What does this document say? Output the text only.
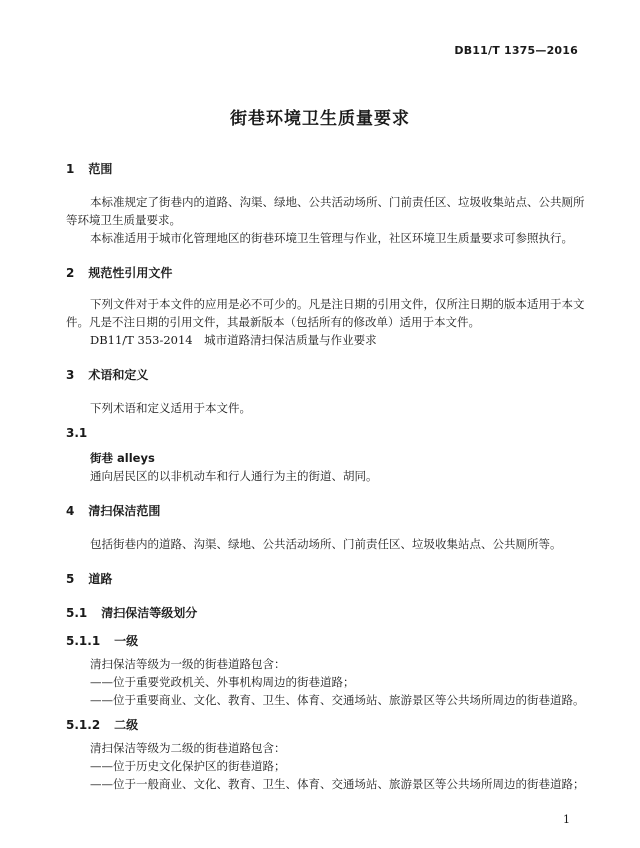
DB11/T 1375—2016
街巷环境卫生质量要求
1 范围
本标准规定了街巷内的道路、沟渠、绿地、公共活动场所、门前责任区、垃圾收集站点、公共厕所
等环境卫生质量要求。
本标准适用于城市化管理地区的街巷环境卫生管理与作业，社区环境卫生质量要求可参照执行。
2 规范性引用文件
下列文件对于本文件的应用是必不可少的。凡是注日期的引用文件，仅所注日期的版本适用于本文
件。凡是不注日期的引用文件，其最新版本（包括所有的修改单）适用于本文件。
DB11/T 353-2014　城市道路清扫保洁质量与作业要求
3 术语和定义
下列术语和定义适用于本文件。
3.1
街巷 alleys
通向居民区的以非机动车和行人通行为主的街道、胡同。
4 清扫保洁范围
包括街巷内的道路、沟渠、绿地、公共活动场所、门前责任区、垃圾收集站点、公共厕所等。
5 道路
5.1 清扫保洁等级划分
5.1.1 一级
清扫保洁等级为一级的街巷道路包含：
——位于重要党政机关、外事机构周边的街巷道路；
——位于重要商业、文化、教育、卫生、体育、交通场站、旅游景区等公共场所周边的街巷道路。
5.1.2 二级
清扫保洁等级为二级的街巷道路包含：
——位于历史文化保护区的街巷道路；
——位于一般商业、文化、教育、卫生、体育、交通场站、旅游景区等公共场所周边的街巷道路；
1
